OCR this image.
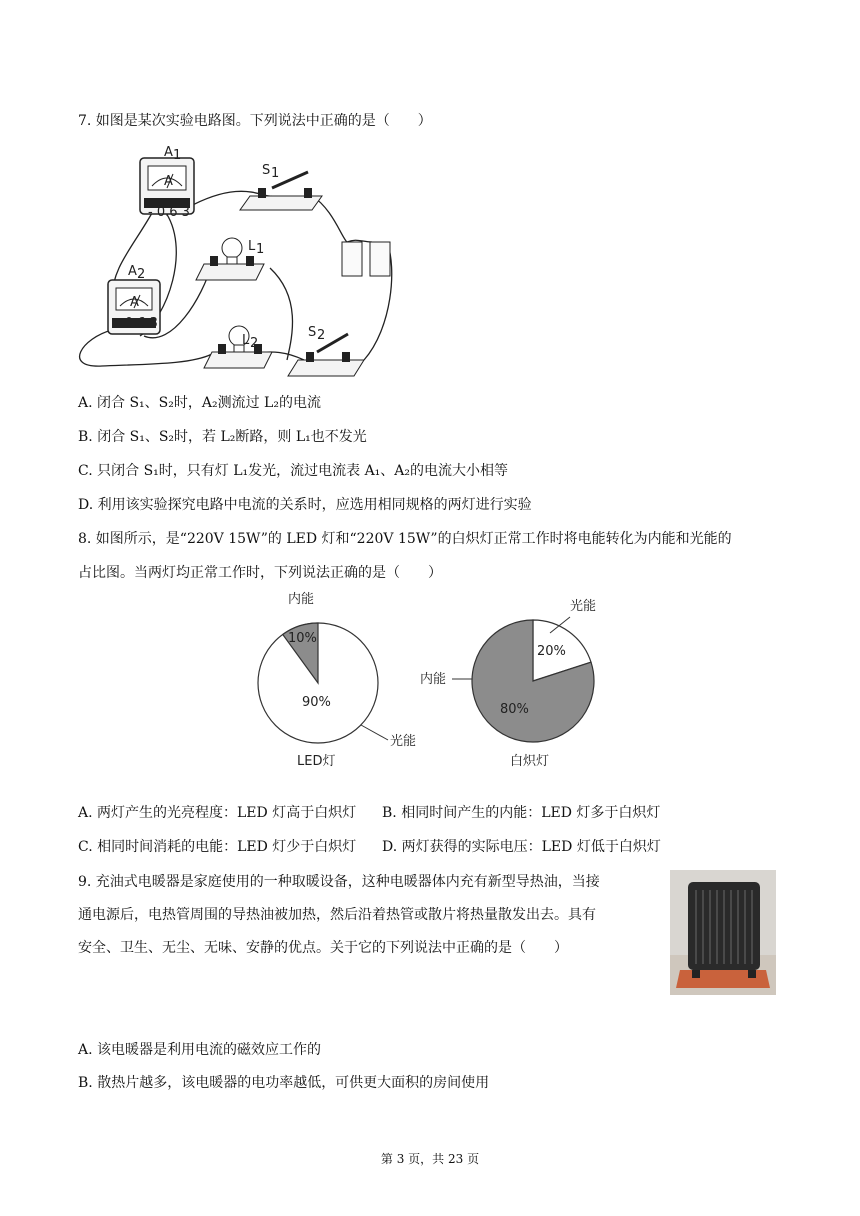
7. 如图是某次实验电路图。下列说法中正确的是（　　）
A
A 1
- 0.6 3
S 1
L 1
A
A 2
- 0.6 3
L 2
S 2
A. 闭合 S₁、S₂时，A₂测流过 L₂的电流
B. 闭合 S₁、S₂时，若 L₂断路，则 L₁也不发光
C. 只闭合 S₁时，只有灯 L₁发光，流过电流表 A₁、A₂的电流大小相等
D. 利用该实验探究电路中电流的关系时，应选用相同规格的两灯进行实验
8. 如图所示，是“220V 15W”的 LED 灯和“220V 15W”的白炽灯正常工作时将电能转化为内能和光能的
占比图。当两灯均正常工作时，下列说法正确的是（　　）
内能
10%
90%
光能
LED灯
光能
20%
内能
80%
白炽灯
A. 两灯产生的光亮程度：LED 灯高于白炽灯 B. 相同时间产生的内能：LED 灯多于白炽灯
C. 相同时间消耗的电能：LED 灯少于白炽灯 D. 两灯获得的实际电压：LED 灯低于白炽灯
9. 充油式电暖器是家庭使用的一种取暖设备，这种电暖器体内充有新型导热油，当接
通电源后，电热管周围的导热油被加热，然后沿着热管或散片将热量散发出去。具有
安全、卫生、无尘、无味、安静的优点。关于它的下列说法中正确的是（　　）
A. 该电暖器是利用电流的磁效应工作的
B. 散热片越多，该电暖器的电功率越低，可供更大面积的房间使用
第 3 页，共 23 页
